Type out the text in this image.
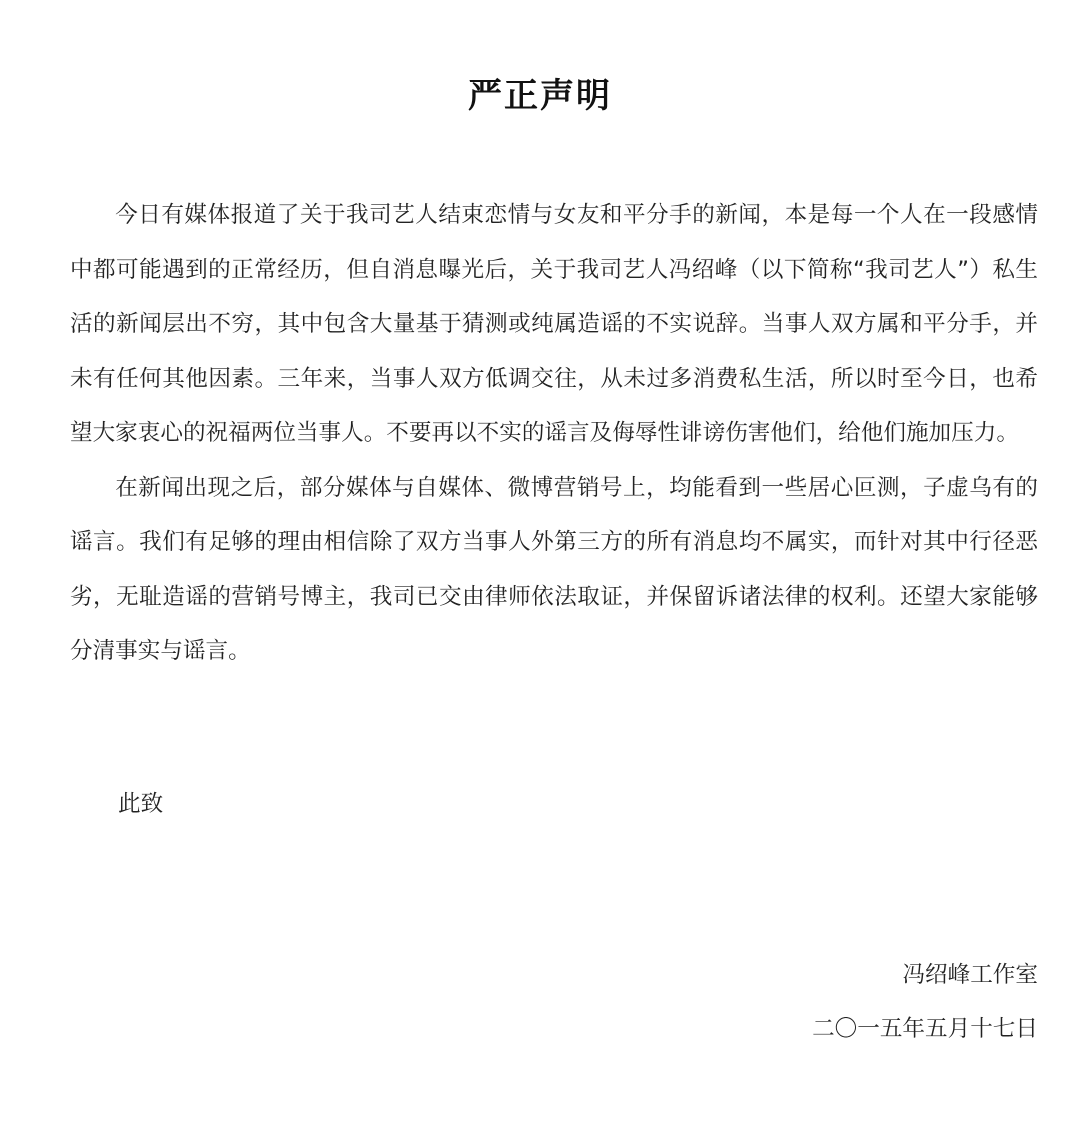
严正声明

今日有媒体报道了关于我司艺人结束恋情与女友和平分手的新闻，本是每一个人在一段感情中都可能遇到的正常经历，但自消息曝光后，关于我司艺人冯绍峰（以下简称“我司艺人”）私生活的新闻层出不穷，其中包含大量基于猜测或纯属造谣的不实说辞。当事人双方属和平分手，并未有任何其他因素。三年来，当事人双方低调交往，从未过多消费私生活，所以时至今日，也希望大家衷心的祝福两位当事人。不要再以不实的谣言及侮辱性诽谤伤害他们，给他们施加压力。

在新闻出现之后，部分媒体与自媒体、微博营销号上，均能看到一些居心叵测，子虚乌有的谣言。我们有足够的理由相信除了双方当事人外第三方的所有消息均不属实，而针对其中行径恶劣，无耻造谣的营销号博主，我司已交由律师依法取证，并保留诉诸法律的权利。还望大家能够分清事实与谣言。

此致
冯绍峰工作室
二〇一五年五月十七日
